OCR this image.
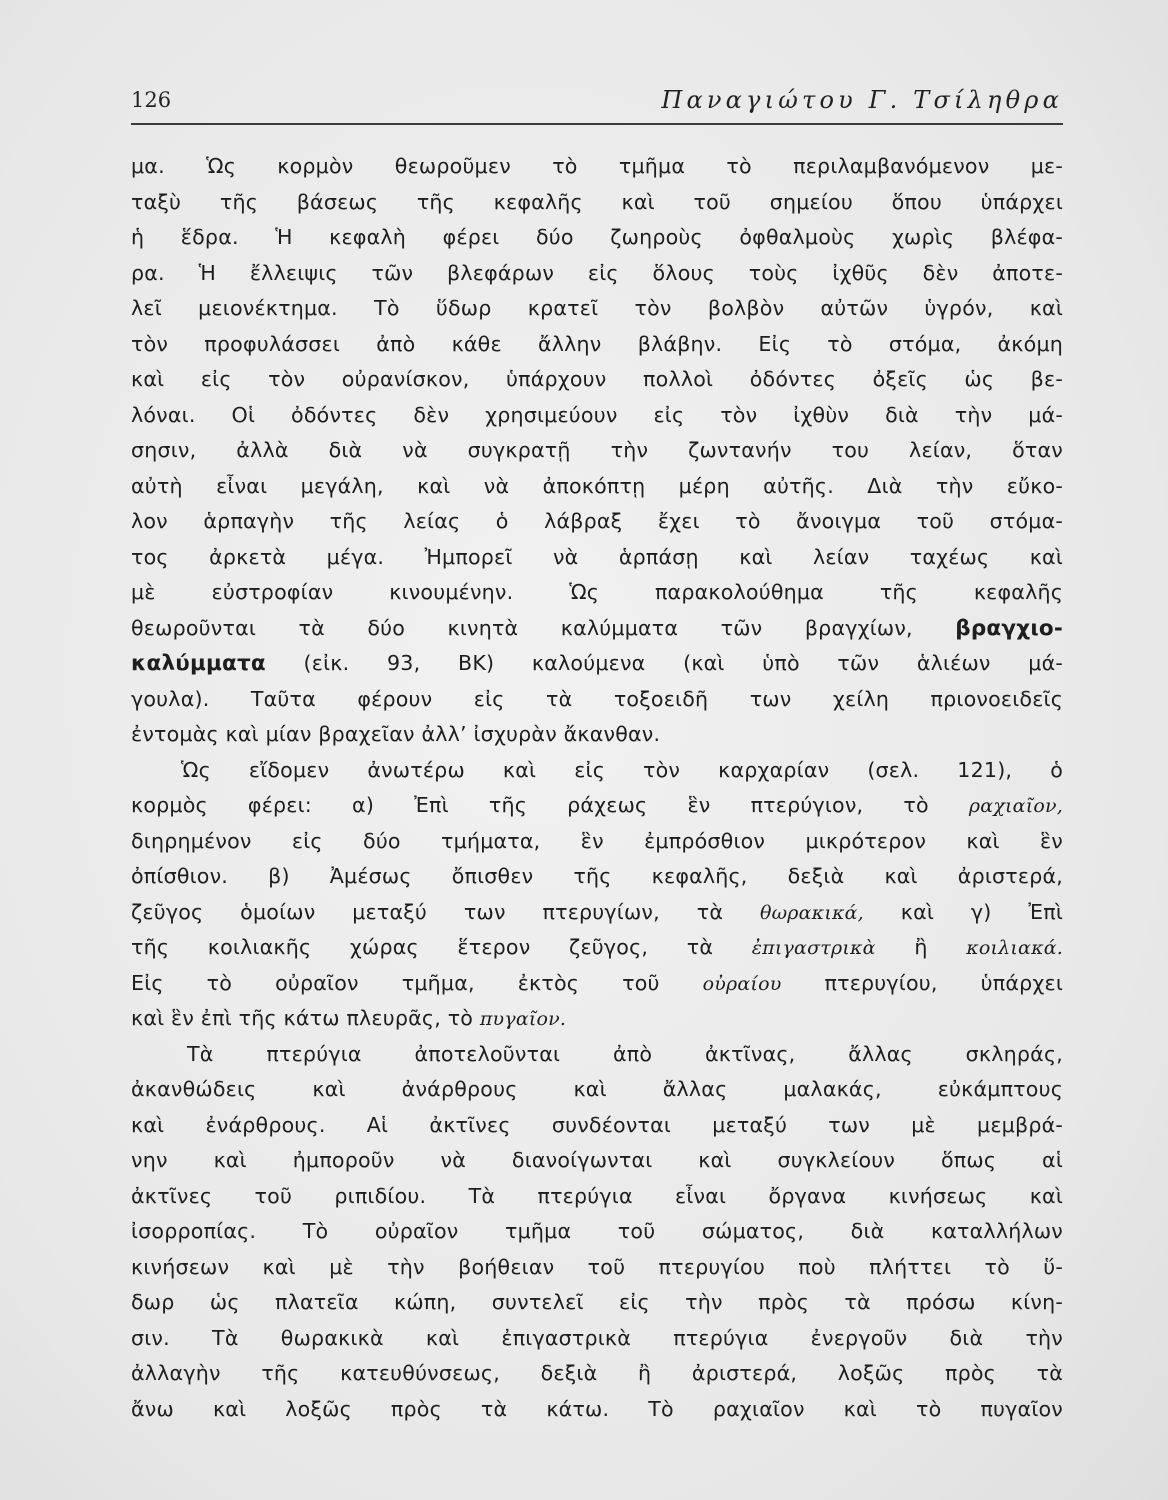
126	Παναγιώτου Γ. Τσίληθρα
μα. Ὡς κορμὸν θεωροῦμεν τὸ τμῆμα τὸ περιλαμβανόμενον με-
ταξὺ τῆς βάσεως τῆς κεφαλῆς καὶ τοῦ σημείου ὅπου ὑπάρχει
ἡ ἕδρα. Ἡ κεφαλὴ φέρει δύο ζωηροὺς ὀφθαλμοὺς χωρὶς βλέφα-
ρα. Ἡ ἔλλειψις τῶν βλεφάρων εἰς ὅλους τοὺς ἰχθῦς δὲν ἀποτε-
λεῖ μειονέκτημα. Τὸ ὕδωρ κρατεῖ τὸν βολβὸν αὐτῶν ὑγρόν, καὶ
τὸν προφυλάσσει ἀπὸ κάθε ἄλλην βλάβην. Εἰς τὸ στόμα, ἀκόμη
καὶ εἰς τὸν οὐρανίσκον, ὑπάρχουν πολλοὶ ὀδόντες ὀξεῖς ὡς βε-
λόναι. Οἱ ὀδόντες δὲν χρησιμεύουν εἰς τὸν ἰχθὺν διὰ τὴν μά-
σησιν, ἀλλὰ διὰ νὰ συγκρατῇ τὴν ζωντανήν του λείαν, ὅταν
αὐτὴ εἶναι μεγάλη, καὶ νὰ ἀποκόπτῃ μέρη αὐτῆς. Διὰ τὴν εὔκο-
λον ἁρπαγὴν τῆς λείας ὁ λάβραξ ἔχει τὸ ἄνοιγμα τοῦ στόμα-
τος ἀρκετὰ μέγα. Ἠμπορεῖ νὰ ἁρπάσῃ καὶ λείαν ταχέως καὶ
μὲ εὐστροφίαν κινουμένην. Ὡς παρακολούθημα τῆς κεφαλῆς
θεωροῦνται τὰ δύο κινητὰ καλύμματα τῶν βραγχίων, βραγχιο-
καλύμματα (εἰκ. 93, ΒΚ) καλούμενα (καὶ ὑπὸ τῶν ἁλιέων μά-
γουλα). Ταῦτα φέρουν εἰς τὰ τοξοειδῆ των χείλη πριονοειδεῖς
ἐντομὰς καὶ μίαν βραχεῖαν ἀλλ’ ἰσχυρὰν ἄκανθαν.
Ὡς εἴδομεν ἀνωτέρω καὶ εἰς τὸν καρχαρίαν (σελ. 121), ὁ
κορμὸς φέρει: α) Ἐπὶ τῆς ράχεως ἓν πτερύγιον, τὸ ραχιαῖον,
διηρημένον εἰς δύο τμήματα, ἓν ἐμπρόσθιον μικρότερον καὶ ἓν
ὀπίσθιον. β) Ἀμέσως ὄπισθεν τῆς κεφαλῆς, δεξιὰ καὶ ἀριστερά,
ζεῦγος ὁμοίων μεταξύ των πτερυγίων, τὰ θωρακικά, καὶ γ) Ἐπὶ
τῆς κοιλιακῆς χώρας ἕτερον ζεῦγος, τὰ ἐπιγαστρικὰ ἢ κοιλιακά.
Εἰς τὸ οὐραῖον τμῆμα, ἐκτὸς τοῦ οὐραίου πτερυγίου, ὑπάρχει
καὶ ἓν ἐπὶ τῆς κάτω πλευρᾶς, τὸ πυγαῖον.
Τὰ πτερύγια ἀποτελοῦνται ἀπὸ ἀκτῖνας, ἄλλας σκληράς,
ἀκανθώδεις καὶ ἀνάρθρους καὶ ἄλλας μαλακάς, εὐκάμπτους
καὶ ἐνάρθρους. Αἱ ἀκτῖνες συνδέονται μεταξύ των μὲ μεμβρά-
νην καὶ ἠμποροῦν νὰ διανοίγωνται καὶ συγκλείουν ὅπως αἱ
ἀκτῖνες τοῦ ριπιδίου. Τὰ πτερύγια εἶναι ὄργανα κινήσεως καὶ
ἰσορροπίας. Τὸ οὐραῖον τμῆμα τοῦ σώματος, διὰ καταλλήλων
κινήσεων καὶ μὲ τὴν βοήθειαν τοῦ πτερυγίου ποὺ πλήττει τὸ ὕ-
δωρ ὡς πλατεῖα κώπη, συντελεῖ εἰς τὴν πρὸς τὰ πρόσω κίνη-
σιν. Τὰ θωρακικὰ καὶ ἐπιγαστρικὰ πτερύγια ἐνεργοῦν διὰ τὴν
ἀλλαγὴν τῆς κατευθύνσεως, δεξιὰ ἢ ἀριστερά, λοξῶς πρὸς τὰ
ἄνω καὶ λοξῶς πρὸς τὰ κάτω. Τὸ ραχιαῖον καὶ τὸ πυγαῖον
